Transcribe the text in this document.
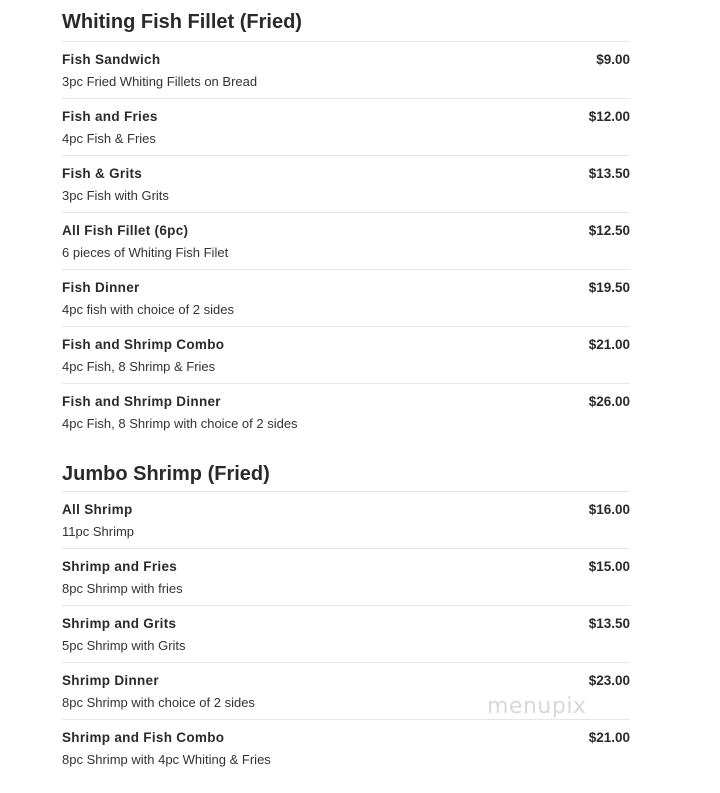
Whiting Fish Fillet (Fried)
Fish Sandwich
3pc Fried Whiting Fillets on Bread
$9.00
Fish and Fries
4pc Fish & Fries
$12.00
Fish & Grits
3pc Fish with Grits
$13.50
All Fish Fillet (6pc)
6 pieces of Whiting Fish Filet
$12.50
Fish Dinner
4pc fish with choice of 2 sides
$19.50
Fish and Shrimp Combo
4pc Fish, 8 Shrimp & Fries
$21.00
Fish and Shrimp Dinner
4pc Fish, 8 Shrimp with choice of 2 sides
$26.00
Jumbo Shrimp (Fried)
All Shrimp
11pc Shrimp
$16.00
Shrimp and Fries
8pc Shrimp with fries
$15.00
Shrimp and Grits
5pc Shrimp with Grits
$13.50
Shrimp Dinner
8pc Shrimp with choice of 2 sides
$23.00
Shrimp and Fish Combo
8pc Shrimp with 4pc Whiting & Fries
$21.00
menupix
